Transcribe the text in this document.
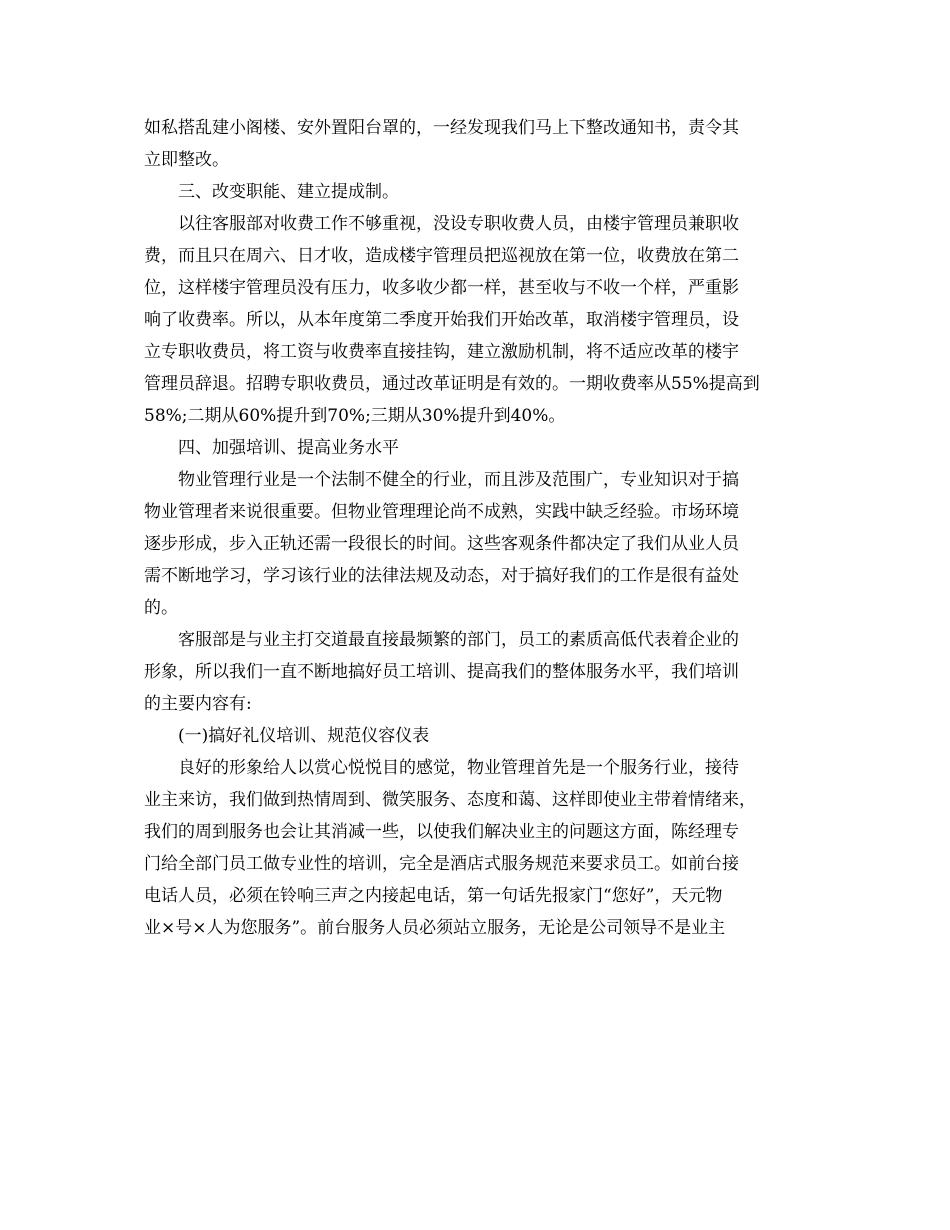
如私搭乱建小阁楼、安外置阳台罩的，一经发现我们马上下整改通知书，责令其
立即整改。
三、改变职能、建立提成制。
以往客服部对收费工作不够重视，没设专职收费人员，由楼宇管理员兼职收
费，而且只在周六、日才收，造成楼宇管理员把巡视放在第一位，收费放在第二
位，这样楼宇管理员没有压力，收多收少都一样，甚至收与不收一个样，严重影
响了收费率。所以，从本年度第二季度开始我们开始改革，取消楼宇管理员，设
立专职收费员，将工资与收费率直接挂钩，建立激励机制，将不适应改革的楼宇
管理员辞退。招聘专职收费员，通过改革证明是有效的。一期收费率从55%提高到
58%;二期从60%提升到70%;三期从30%提升到40%。
四、加强培训、提高业务水平
物业管理行业是一个法制不健全的行业，而且涉及范围广，专业知识对于搞
物业管理者来说很重要。但物业管理理论尚不成熟，实践中缺乏经验。市场环境
逐步形成，步入正轨还需一段很长的时间。这些客观条件都决定了我们从业人员
需不断地学习，学习该行业的法律法规及动态，对于搞好我们的工作是很有益处
的。
客服部是与业主打交道最直接最频繁的部门，员工的素质高低代表着企业的
形象，所以我们一直不断地搞好员工培训、提高我们的整体服务水平，我们培训
的主要内容有:
(一)搞好礼仪培训、规范仪容仪表
良好的形象给人以赏心悦悦目的感觉，物业管理首先是一个服务行业，接待
业主来访，我们做到热情周到、微笑服务、态度和蔼、这样即使业主带着情绪来，
我们的周到服务也会让其消减一些，以使我们解决业主的问题这方面，陈经理专
门给全部门员工做专业性的培训，完全是酒店式服务规范来要求员工。如前台接
电话人员，必须在铃响三声之内接起电话，第一句话先报家门“您好”，天元物
业×号×人为您服务”。前台服务人员必须站立服务，无论是公司领导不是业主
